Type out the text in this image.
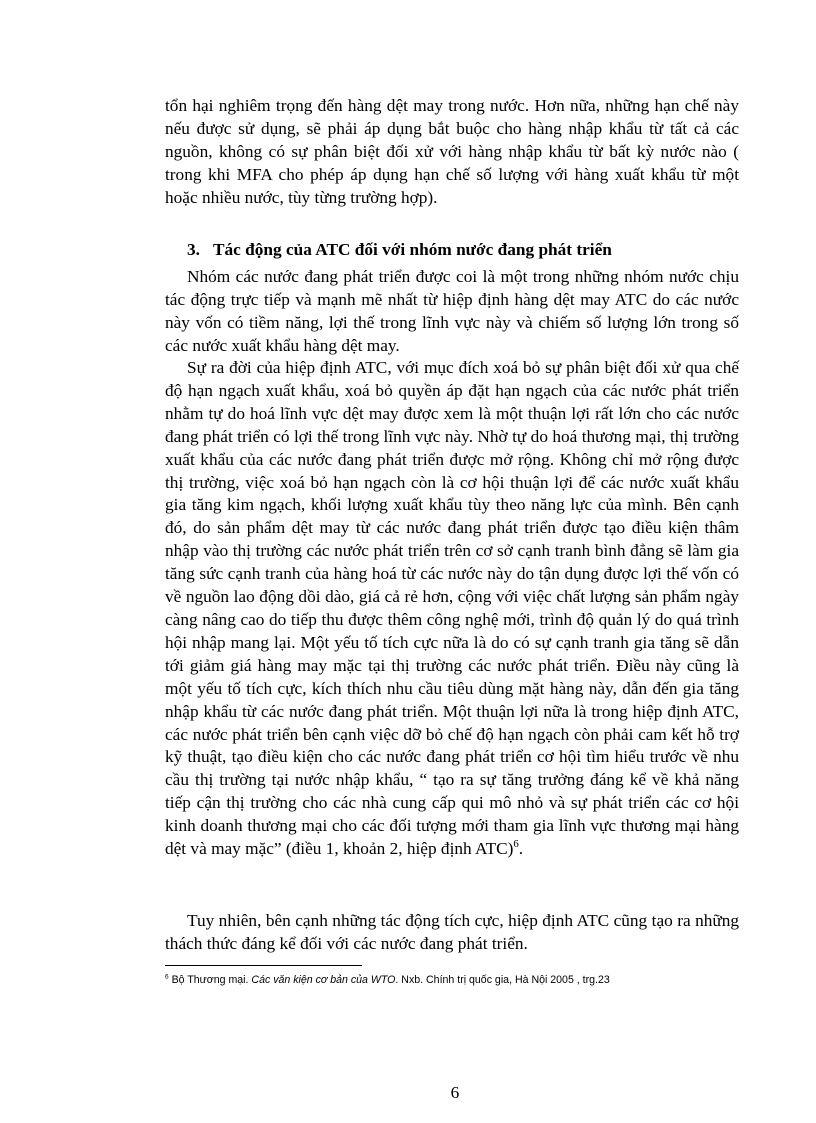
tổn hại nghiêm trọng đến hàng dệt may trong nước. Hơn nữa, những hạn chế này nếu được sử dụng, sẽ phải áp dụng bắt buộc cho hàng nhập khẩu từ tất cả các nguồn, không có sự phân biệt đối xử với hàng nhập khẩu từ bất kỳ nước nào ( trong khi MFA cho phép áp dụng hạn chế số lượng với hàng xuất khẩu từ một hoặc nhiều nước, tùy từng trường hợp).

3. Tác động của ATC đối với nhóm nước đang phát triển

Nhóm các nước đang phát triển được coi là một trong những nhóm nước chịu tác động trực tiếp và mạnh mẽ nhất từ hiệp định hàng dệt may ATC do các nước này vốn có tiềm năng, lợi thế trong lĩnh vực này và chiếm số lượng lớn trong số các nước xuất khẩu hàng dệt may.

Sự ra đời của hiệp định ATC, với mục đích xoá bỏ sự phân biệt đối xử qua chế độ hạn ngạch xuất khẩu, xoá bỏ quyền áp đặt hạn ngạch của các nước phát triển nhằm tự do hoá lĩnh vực dệt may được xem là một thuận lợi rất lớn cho các nước đang phát triển có lợi thế trong lĩnh vực này. Nhờ tự do hoá thương mại, thị trường xuất khẩu của các nước đang phát triển được mở rộng. Không chỉ mở rộng được thị trường, việc xoá bỏ hạn ngạch còn là cơ hội thuận lợi để các nước xuất khẩu gia tăng kim ngạch, khối lượng xuất khẩu tùy theo năng lực của mình. Bên cạnh đó, do sản phẩm dệt may từ các nước đang phát triển được tạo điều kiện thâm nhập vào thị trường các nước phát triển trên cơ sở cạnh tranh bình đẳng sẽ làm gia tăng sức cạnh tranh của hàng hoá từ các nước này do tận dụng được lợi thế vốn có về nguồn lao động dồi dào, giá cả rẻ hơn, cộng với việc chất lượng sản phẩm ngày càng nâng cao do tiếp thu được thêm công nghệ mới, trình độ quản lý do quá trình hội nhập mang lại. Một yếu tố tích cực nữa là do có sự cạnh tranh gia tăng sẽ dẫn tới giảm giá hàng may mặc tại thị trường các nước phát triển. Điều này cũng là một yếu tố tích cực, kích thích nhu cầu tiêu dùng mặt hàng này, dẫn đến gia tăng nhập khẩu từ các nước đang phát triển. Một thuận lợi nữa là trong hiệp định ATC, các nước phát triển bên cạnh việc dỡ bỏ chế độ hạn ngạch còn phải cam kết hỗ trợ kỹ thuật, tạo điều kiện cho các nước đang phát triển cơ hội tìm hiểu trước về nhu cầu thị trường tại nước nhập khẩu, “ tạo ra sự tăng trưởng đáng kể về khả năng tiếp cận thị trường cho các nhà cung cấp qui mô nhỏ và sự phát triển các cơ hội kinh doanh thương mại cho các đối tượng mới tham gia lĩnh vực thương mại hàng dệt và may mặc” (điều 1, khoản 2, hiệp định ATC)$^6$.

Tuy nhiên, bên cạnh những tác động tích cực, hiệp định ATC cũng tạo ra những thách thức đáng kể đối với các nước đang phát triển.

$^6$ Bộ Thương mại. Các văn kiện cơ bản của WTO. Nxb. Chính trị quốc gia, Hà Nội 2005 , trg.23
6
